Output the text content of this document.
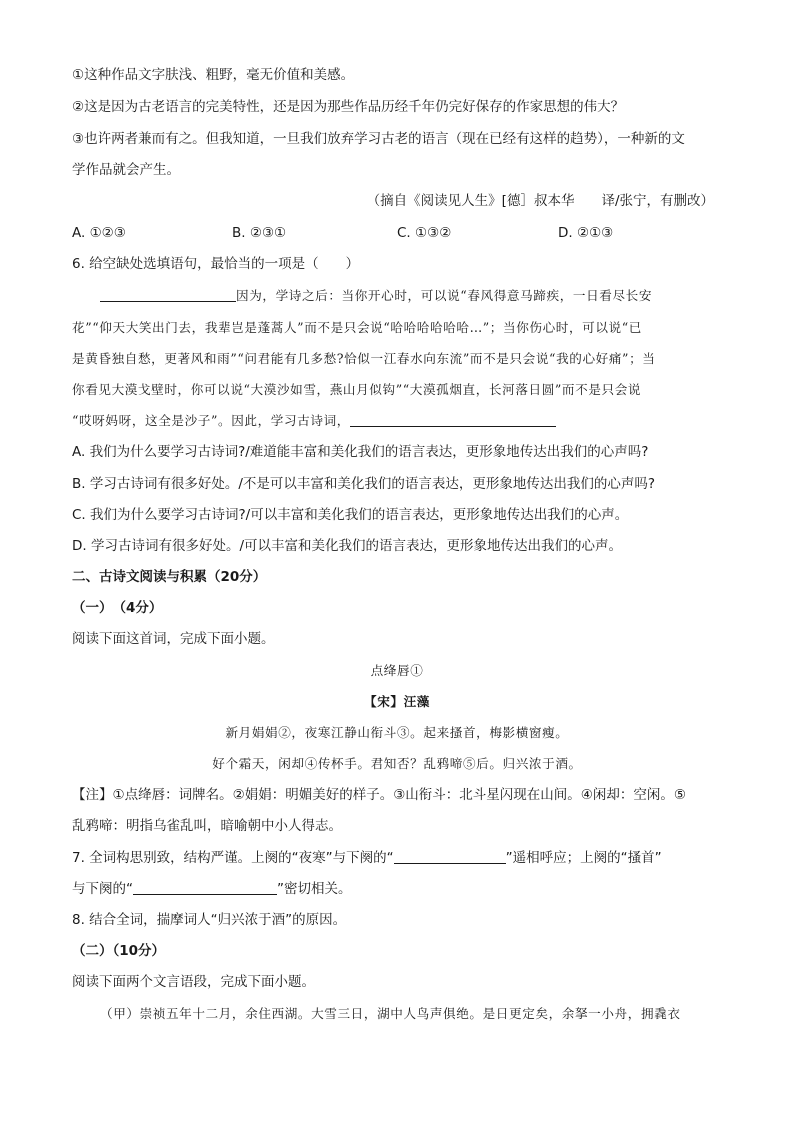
①这种作品文字肤浅、粗野，毫无价值和美感。
②这是因为古老语言的完美特性，还是因为那些作品历经千年仍完好保存的作家思想的伟大？
③也许两者兼而有之。但我知道，一旦我们放弃学习古老的语言（现在已经有这样的趋势），一种新的文
学作品就会产生。
（摘自《阅读见人生》[德］叔本华　　译/张宁，有删改）
A. ①②③	B. ②③①	C. ①③②	D. ②①③
6. 给空缺处选填语句，最恰当的一项是（　　）
因为，学诗之后：当你开心时，可以说“春风得意马蹄疾，一日看尽长安
花”“仰天大笑出门去，我辈岂是蓬蒿人”而不是只会说“哈哈哈哈哈哈…”；当你伤心时，可以说“已
是黄昏独自愁，更著风和雨”“问君能有几多愁?恰似一江春水向东流”而不是只会说“我的心好痛”；当
你看见大漠戈壁时，你可以说“大漠沙如雪，燕山月似钩”“大漠孤烟直，长河落日圆”而不是只会说
“哎呀妈呀，这全是沙子”。因此，学习古诗词，
A. 我们为什么要学习古诗词?/难道能丰富和美化我们的语言表达，更形象地传达出我们的心声吗?
B. 学习古诗词有很多好处。/不是可以丰富和美化我们的语言表达，更形象地传达出我们的心声吗?
C. 我们为什么要学习古诗词?/可以丰富和美化我们的语言表达，更形象地传达出我们的心声。
D. 学习古诗词有很多好处。/可以丰富和美化我们的语言表达，更形象地传达出我们的心声。
二、古诗文阅读与积累（20分）
（一）　（4分）
阅读下面这首词，完成下面小题。
点绛唇①
【宋】汪藻
新月娟娟②，夜寒江静山衔斗③。起来搔首，梅影横窗瘦。
好个霜天，闲却④传杯手。君知否？乱鸦啼⑤后。归兴浓于酒。
【注】①点绛唇：词牌名。②娟娟：明媚美好的样子。③山衔斗：北斗星闪现在山间。④闲却：空闲。⑤
乱鸦啼：明指乌雀乱叫，暗喻朝中小人得志。
7. 全词构思别致，结构严谨。上阕的“夜寒”与下阕的“	”遥相呼应；上阕的“搔首”
与下阕的“	”密切相关。
8. 结合全词，揣摩词人“归兴浓于酒”的原因。
（二）（10分）
阅读下面两个文言语段，完成下面小题。
（甲）崇祯五年十二月，余住西湖。大雪三日，湖中人鸟声俱绝。是日更定矣，余拏一小舟，拥毳衣
